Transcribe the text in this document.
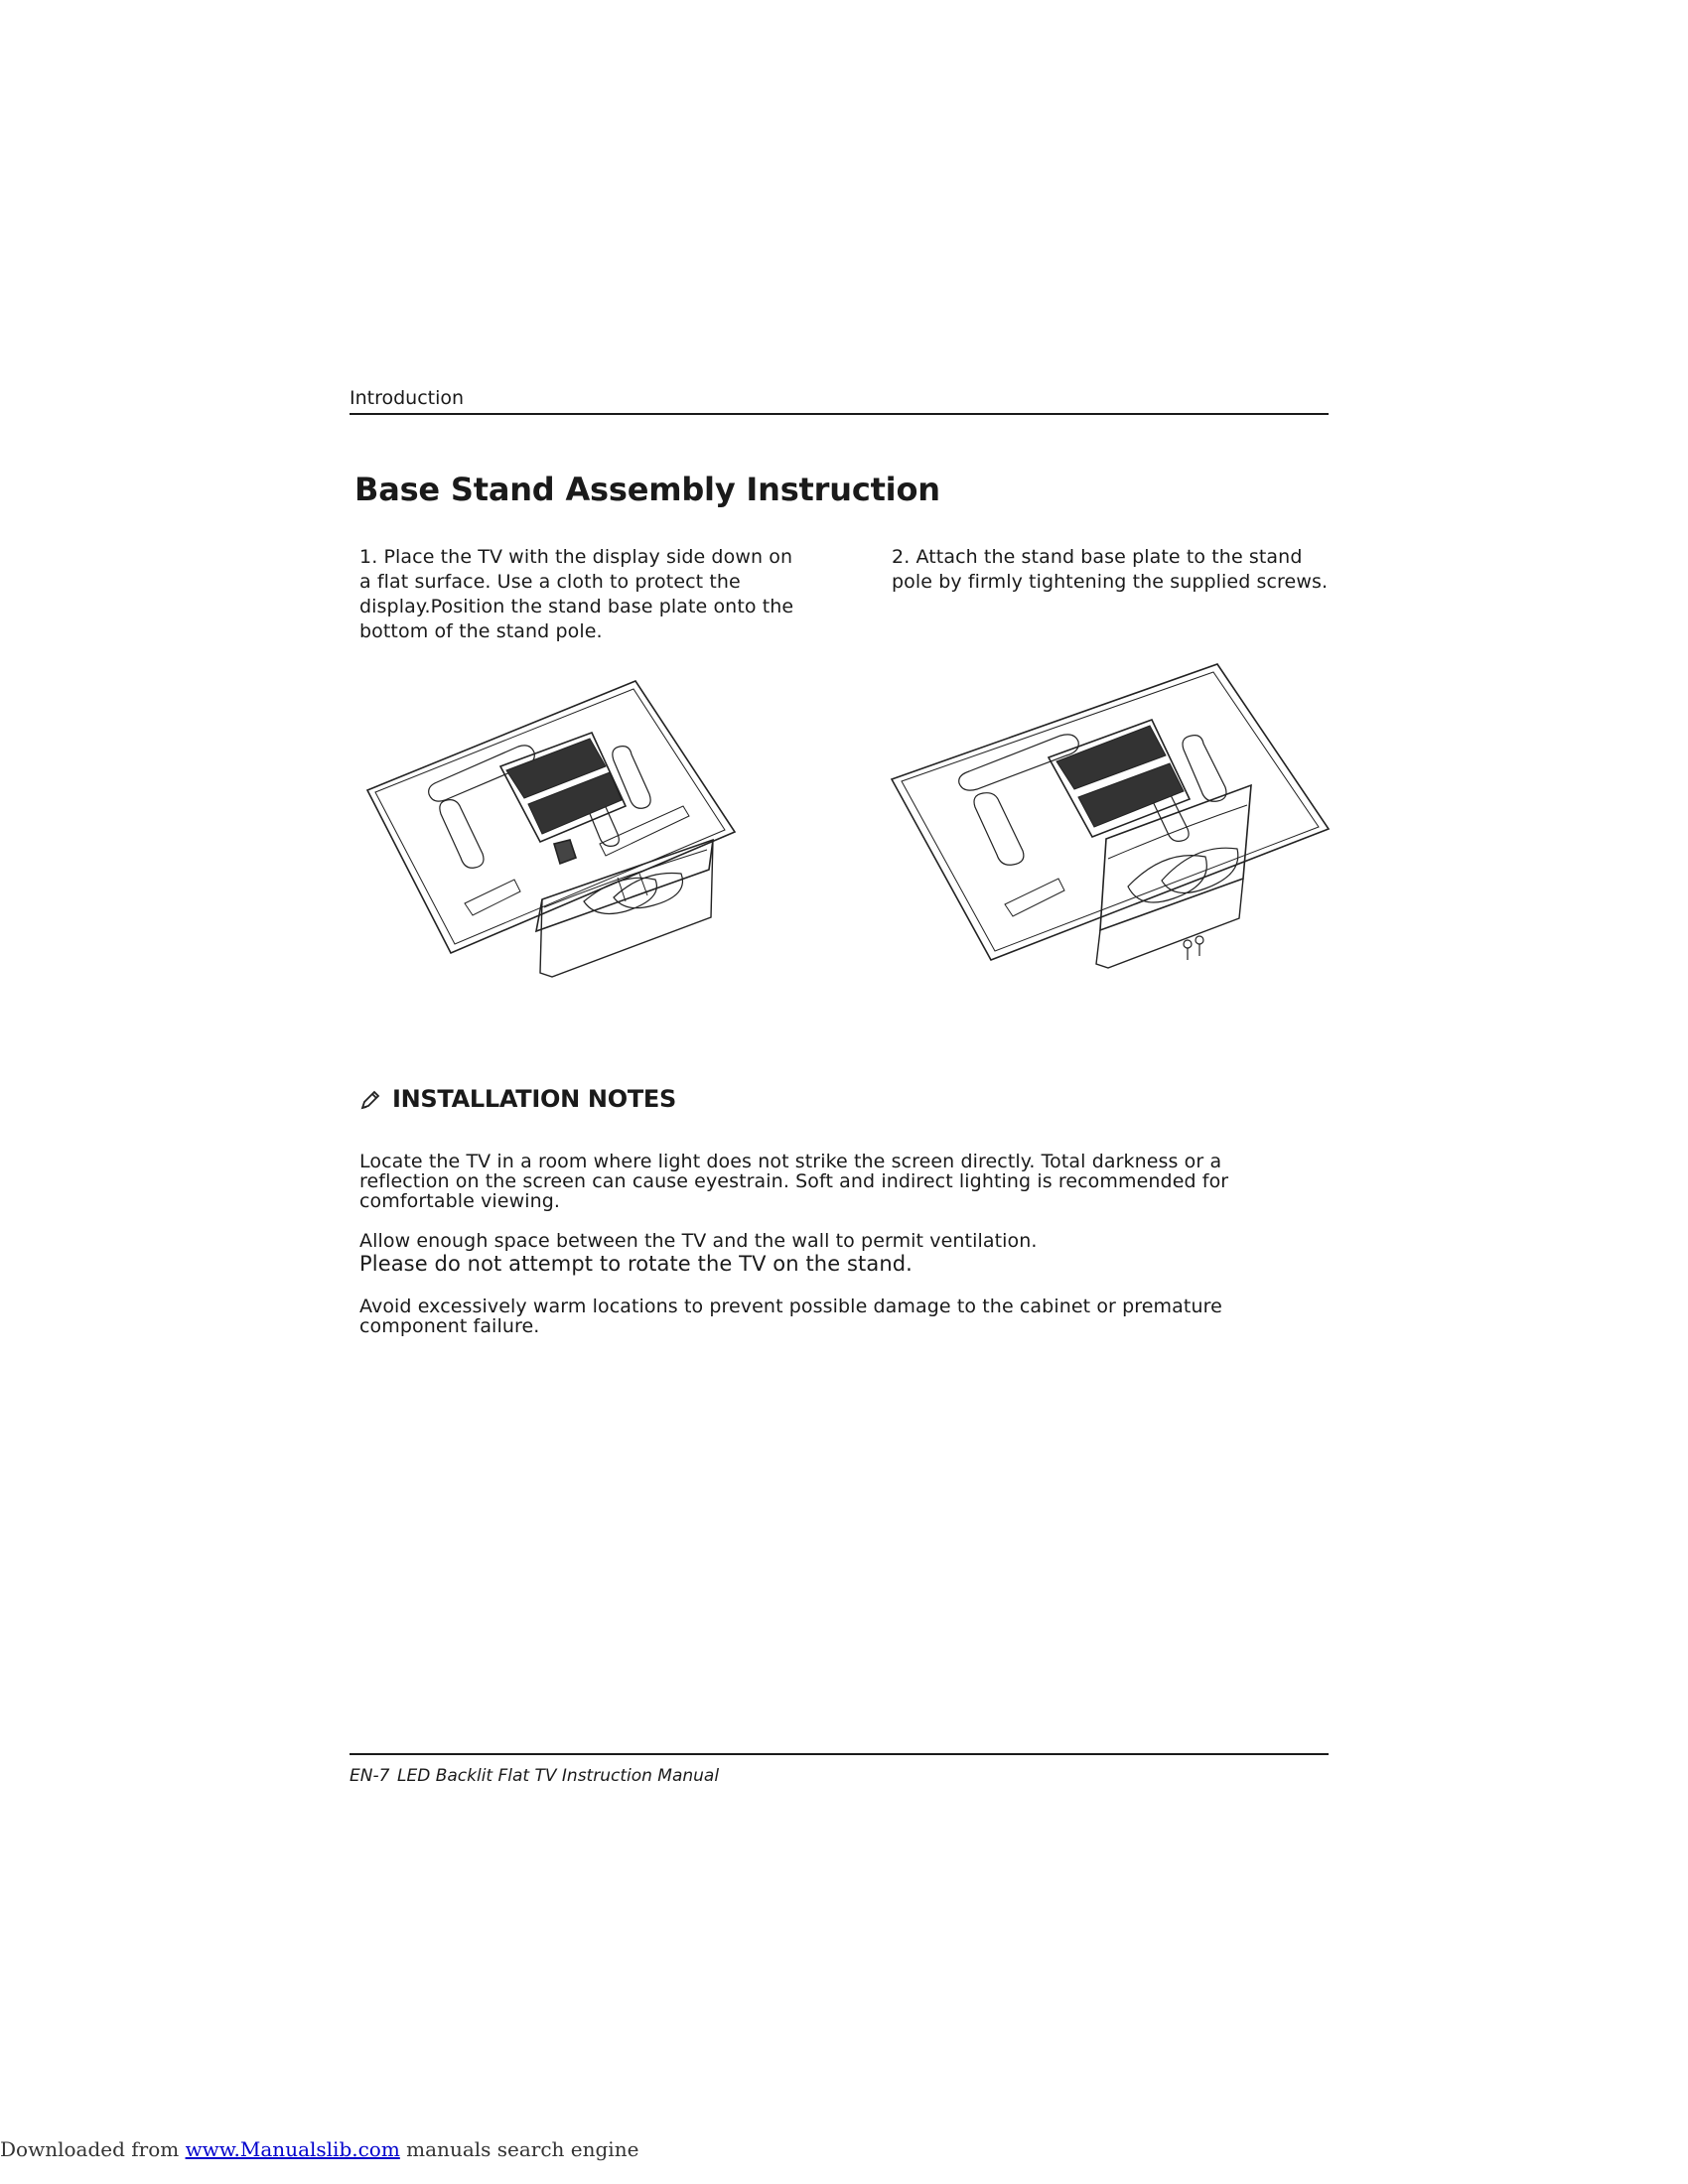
Introduction
Base Stand Assembly Instruction
1. Place the TV with the display side down on a flat surface. Use a cloth to protect the display.Position the stand base plate onto the bottom of the stand pole.
2. Attach the stand base plate to the stand pole by firmly tightening the supplied screws.
INSTALLATION NOTES
Locate the TV in a room where light does not strike the screen directly. Total darkness or a reflection on the screen can cause eyestrain. Soft and indirect lighting is recommended for comfortable viewing.
Allow enough space between the TV and the wall to permit ventilation.
Please do not attempt to rotate the TV on the stand.
Avoid excessively warm locations to prevent possible damage to the cabinet or premature component failure.
EN-7 LED Backlit Flat TV Instruction Manual
Downloaded from www.Manualslib.com manuals search engine
